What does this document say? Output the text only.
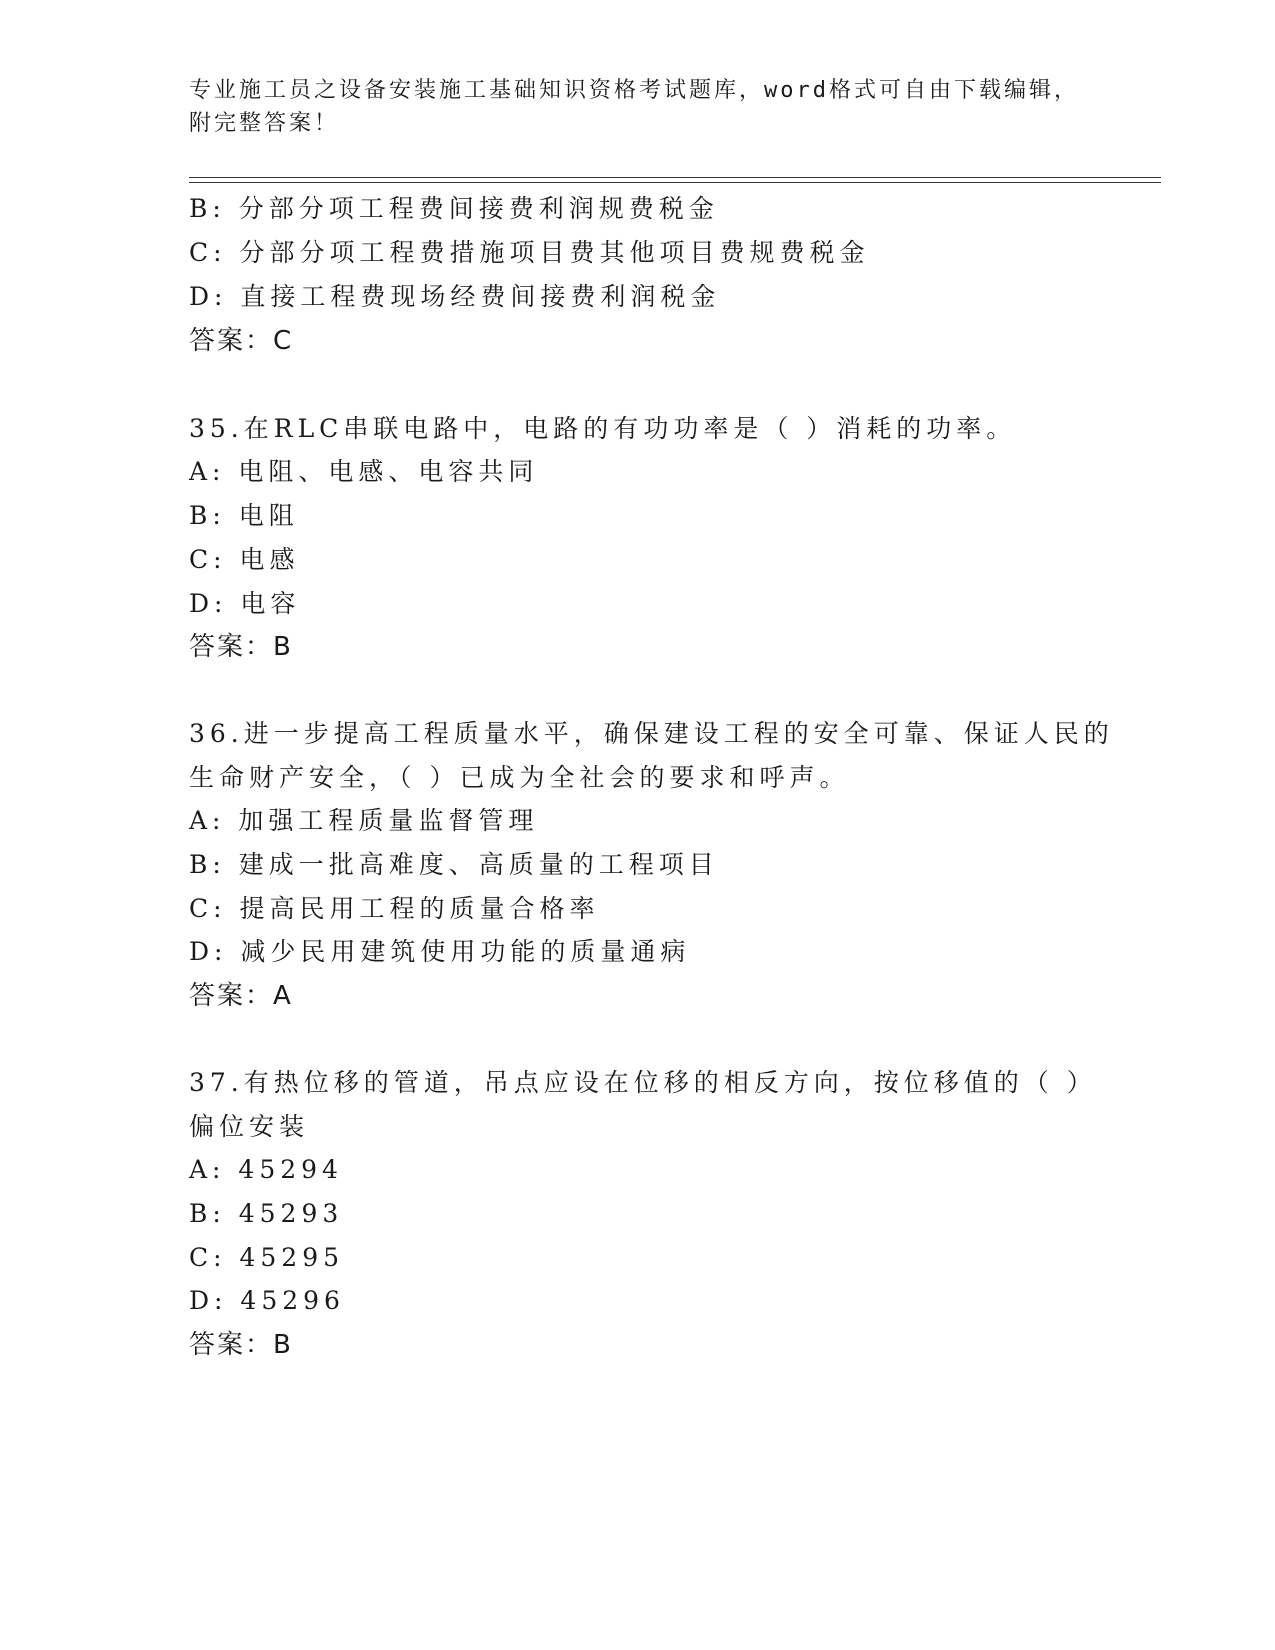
专业施工员之设备安装施工基础知识资格考试题库，word格式可自由下载编辑，
附完整答案！
B: 分部分项工程费间接费利润规费税金
C: 分部分项工程费措施项目费其他项目费规费税金
D: 直接工程费现场经费间接费利润税金
答案：C
35.在RLC串联电路中，电路的有功功率是（ ）消耗的功率。
A: 电阻、电感、电容共同
B: 电阻
C: 电感
D: 电容
答案：B
36.进一步提高工程质量水平，确保建设工程的安全可靠、保证人民的
生命财产安全，（ ）已成为全社会的要求和呼声。
A: 加强工程质量监督管理
B: 建成一批高难度、高质量的工程项目
C: 提高民用工程的质量合格率
D: 减少民用建筑使用功能的质量通病
答案：A
37.有热位移的管道，吊点应设在位移的相反方向，按位移值的（ ）
偏位安装
A: 45294
B: 45293
C: 45295
D: 45296
答案：B
